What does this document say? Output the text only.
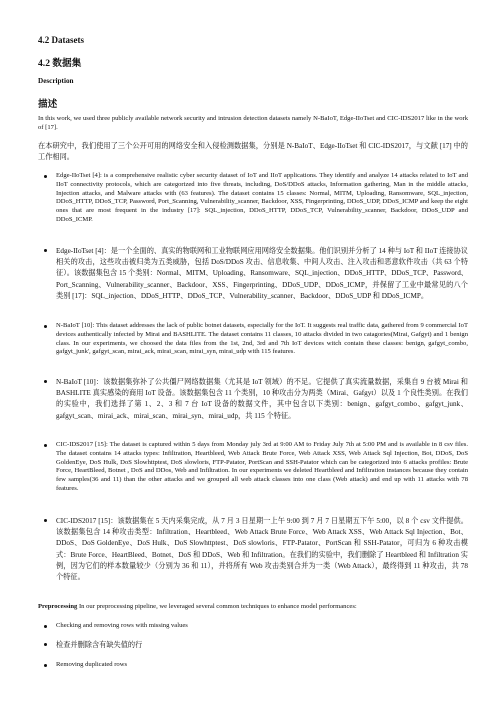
4.2 Datasets
4.2 数据集
Description
描述

In this work, we used three publicly available network security and intrusion detection datasets namely N-BaIoT, Edge-IIoTset and CIC-IDS2017 like in the work of [17].

在本研究中，我们使用了三个公开可用的网络安全和入侵检测数据集，分别是 N-BaIoT、Edge-IIoTset 和 CIC-IDS2017，与文献 [17] 中的工作相同。

Edge-IIoTset [4]: is a comprehensive realistic cyber security dataset of IoT and IIoT applications. They identify and analyze 14 attacks related to IoT and IIoT connectivity protocols, which are categorized into five threats, including, DoS/DDoS attacks, Information gathering, Man in the middle attacks, Injection attacks, and Malware attacks with (63 features). The dataset contains 15 classes: Normal, MITM, Uploading, Ransomware, SQL_injection, DDoS_HTTP, DDoS_TCP, Password, Port_Scanning, Vulnerability_scanner, Backdoor, XSS, Fingerprinting, DDoS_UDP, DDoS_ICMP and keep the eight ones that are most frequent in the industry [17]: SQL_injection, DDoS_HTTP, DDoS_TCP, Vulnerability_scanner, Backdoor, DDoS_UDP and DDoS_ICMP.

Edge-IIoTset [4]：是一个全面的、真实的物联网和工业物联网应用网络安全数据集。他们识别并分析了 14 种与 IoT 和 IIoT 连接协议相关的攻击，这些攻击被归类为五类威胁，包括 DoS/DDoS 攻击、信息收集、中间人攻击、注入攻击和恶意软件攻击（共 63 个特征）。该数据集包含 15 个类别：Normal、MITM、Uploading、Ransomware、SQL_injection、DDoS_HTTP、DDoS_TCP、Password、Port_Scanning、Vulnerability_scanner、Backdoor、XSS、Fingerprinting、DDoS_UDP、DDoS_ICMP，并保留了工业中最常见的八个类别 [17]：SQL_injection、DDoS_HTTP、DDoS_TCP、Vulnerability_scanner、Backdoor、DDoS_UDP 和 DDoS_ICMP。

N-BaIoT [10]: This dataset addresses the lack of public botnet datasets, especially for the IoT. It suggests real traffic data, gathered from 9 commercial IoT devices authentically infected by Mirai and BASHLITE. The dataset contains 11 classes, 10 attacks divided in two catagories(Mirai, Gafgyt) and 1 benign class. In our experiments, we choosed the data files from the 1st, 2nd, 3rd and 7th IoT devices witch contain these classes: benign, gafgyt_combo, gafgyt_junk', gafgyt_scan, mirai_ack, mirai_scan, mirai_syn, mirai_udp with 115 features.

N-BaIoT [10]：该数据集弥补了公共僵尸网络数据集（尤其是 IoT 领域）的不足。它提供了真实流量数据，采集自 9 台被 Mirai 和 BASHLITE 真实感染的商用 IoT 设备。该数据集包含 11 个类别，10 种攻击分为两类（Mirai、Gafgyt）以及 1 个良性类别。在我们的实验中，我们选择了第 1、2、3 和 7 台 IoT 设备的数据文件，其中包含以下类别：benign、gafgyt_combo、gafgyt_junk、gafgyt_scan、mirai_ack、mirai_scan、mirai_syn、mirai_udp，共 115 个特征。

CIC-IDS2017 [15]: The dataset is captured within 5 days from Monday july 3rd at 9:00 AM to Friday July 7th at 5:00 PM and is available in 8 csv files. The dataset contains 14 attacks types: Infiltration, Heartbleed, Web Attack Brute Force, Web Attack XSS, Web Attack Sql Injection, Bot, DDoS, DoS GoldenEye, DoS Hulk, DoS Slowhttptest, DoS slowloris, FTP-Patator, PortScan and SSH-Patator which can be categorized into 6 attacks profiles: Brute Force, HeartBleed, Botnet , DoS and DDos, Web and Infiltration. In our experiments we deleted Heartbleed and Infiltration instances because they contain few samples(36 and 11) than the other attacks and we grouped all web attack classes into one class (Web attack) and end up with 11 attacks with 78 features.

CIC-IDS2017 [15]：该数据集在 5 天内采集完成，从 7 月 3 日星期一上午 9:00 到 7 月 7 日星期五下午 5:00，以 8 个 csv 文件提供。该数据集包含 14 种攻击类型：Infiltration、Heartbleed、Web Attack Brute Force、Web Attack XSS、Web Attack Sql Injection、Bot、DDoS、DoS GoldenEye、DoS Hulk、DoS Slowhttptest、DoS slowloris、FTP-Patator、PortScan 和 SSH-Patator，可归为 6 种攻击模式：Brute Force、HeartBleed、Botnet、DoS 和 DDoS、Web 和 Infiltration。在我们的实验中，我们删除了 Heartbleed 和 Infiltration 实例，因为它们的样本数量较少（分别为 36 和 11），并将所有 Web 攻击类别合并为一类（Web Attack），最终得到 11 种攻击，共 78 个特征。

Preprocessing In our preprocessing pipeline, we leveraged several common techniques to enhance model performances:

Checking and removing rows with missing values

检查并删除含有缺失值的行

Removing duplicated rows
